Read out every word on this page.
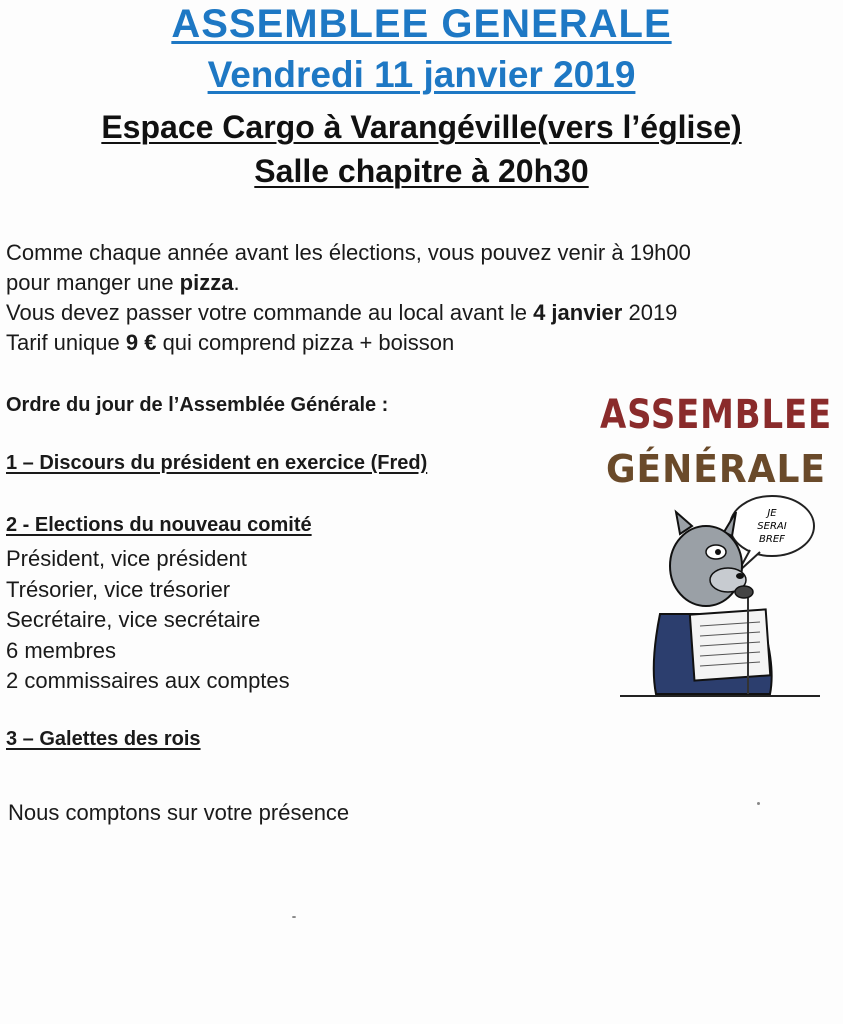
ASSEMBLEE GENERALE
Vendredi 11 janvier 2019
Espace Cargo à Varangéville(vers l’église)
Salle chapitre à 20h30
Comme chaque année avant les élections, vous pouvez venir à 19h00
pour manger une pizza.
Vous devez passer votre commande au local avant le 4 janvier 2019
Tarif unique 9 € qui comprend pizza + boisson
Ordre du jour de l’Assemblée Générale :
1 – Discours du président en exercice (Fred)
2 - Elections du nouveau comité
Président, vice président
Trésorier, vice trésorier
Secrétaire, vice secrétaire
6 membres
2 commissaires aux comptes
3 – Galettes des rois
Nous comptons sur votre présence
ASSEMBLEE
GÉNÉRALE
JE
SERAI
BREF
